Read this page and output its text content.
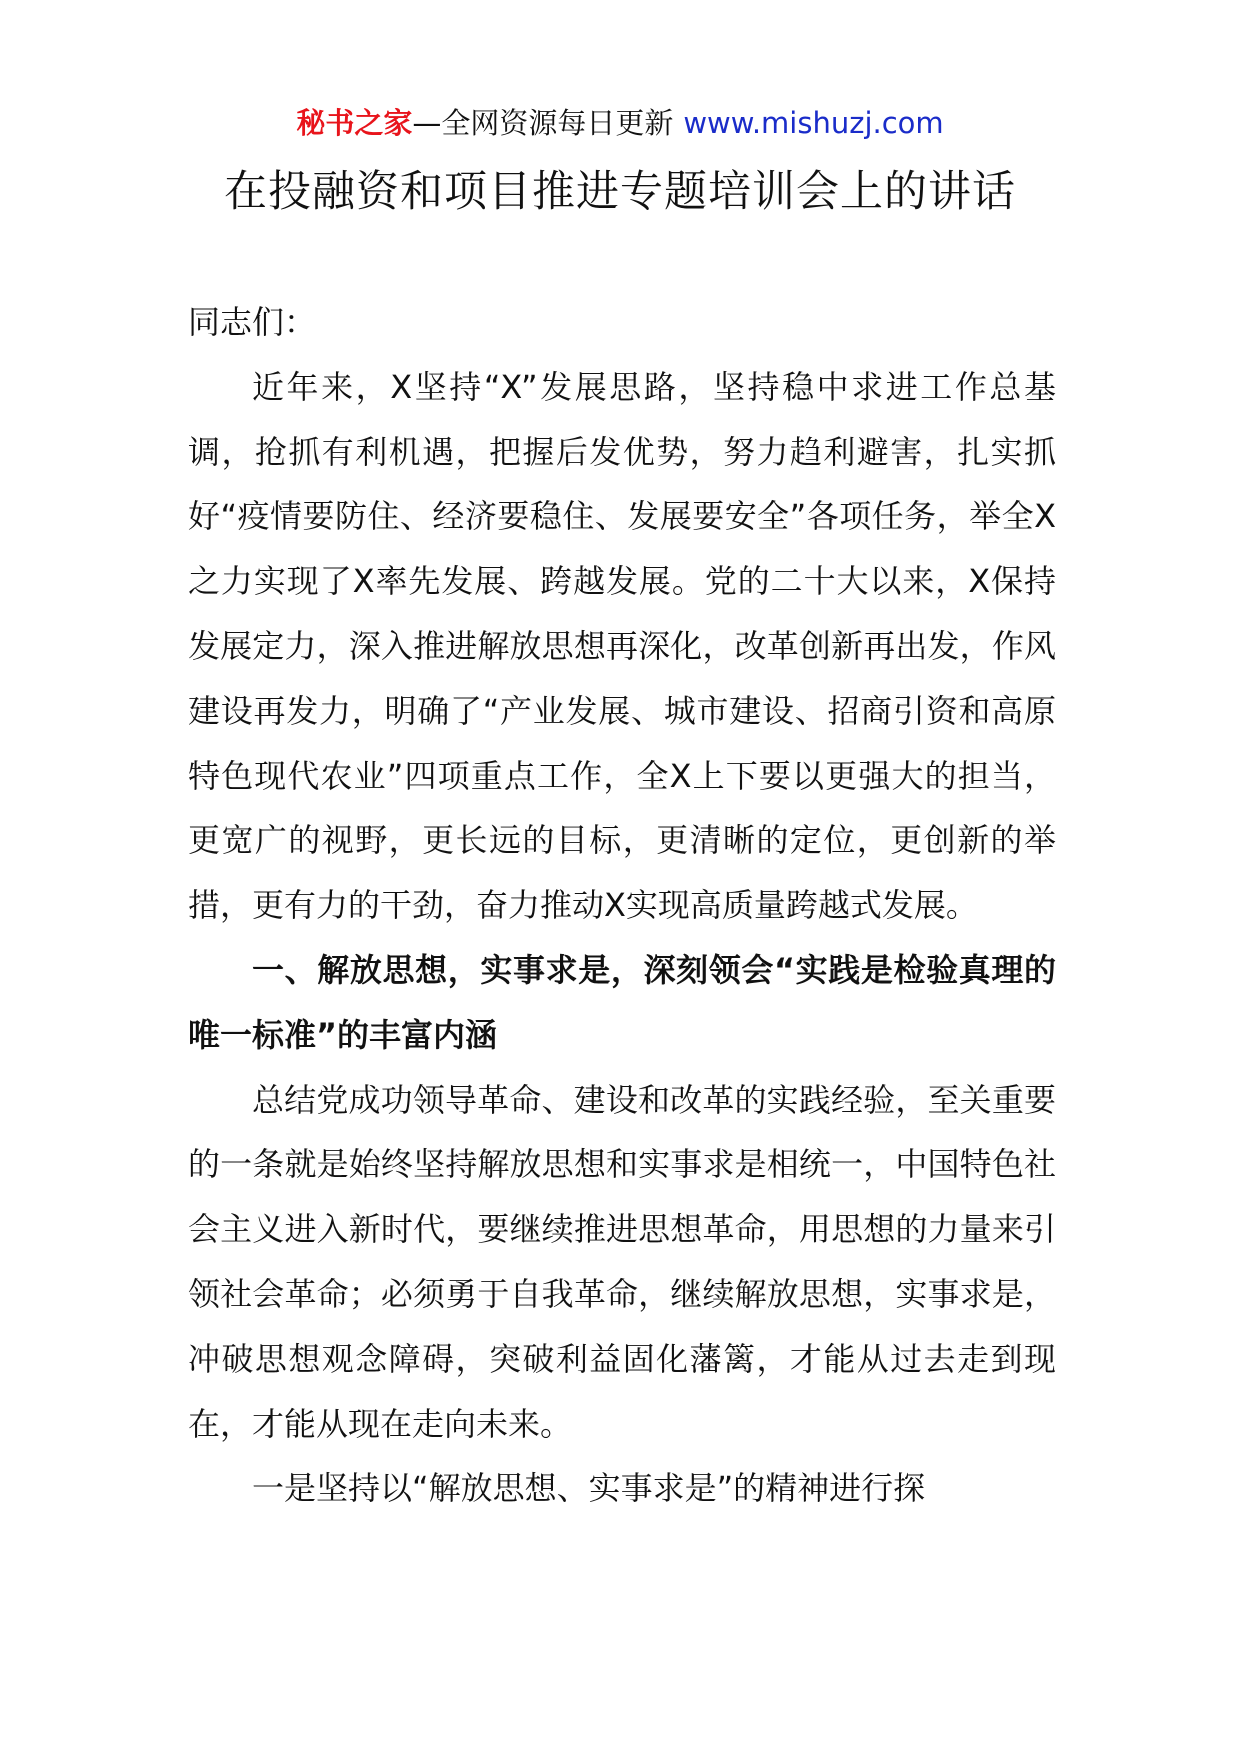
秘书之家—全网资源每日更新 www.mishuzj.com
在投融资和项目推进专题培训会上的讲话

同志们：

近年来，X坚持“X”发展思路，坚持稳中求进工作总基调，抢抓有利机遇，把握后发优势，努力趋利避害，扎实抓好“疫情要防住、经济要稳住、发展要安全”各项任务，举全X之力实现了X率先发展、跨越发展。党的二十大以来，X保持发展定力，深入推进解放思想再深化，改革创新再出发，作风建设再发力，明确了“产业发展、城市建设、招商引资和高原特色现代农业”四项重点工作，全X上下要以更强大的担当，更宽广的视野，更长远的目标，更清晰的定位，更创新的举措，更有力的干劲，奋力推动X实现高质量跨越式发展。

一、解放思想，实事求是，深刻领会“实践是检验真理的唯一标准”的丰富内涵

总结党成功领导革命、建设和改革的实践经验，至关重要的一条就是始终坚持解放思想和实事求是相统一，中国特色社会主义进入新时代，要继续推进思想革命，用思想的力量来引领社会革命；必须勇于自我革命，继续解放思想，实事求是，冲破思想观念障碍，突破利益固化藩篱，才能从过去走到现在，才能从现在走向未来。

一是坚持以“解放思想、实事求是”的精神进行探
